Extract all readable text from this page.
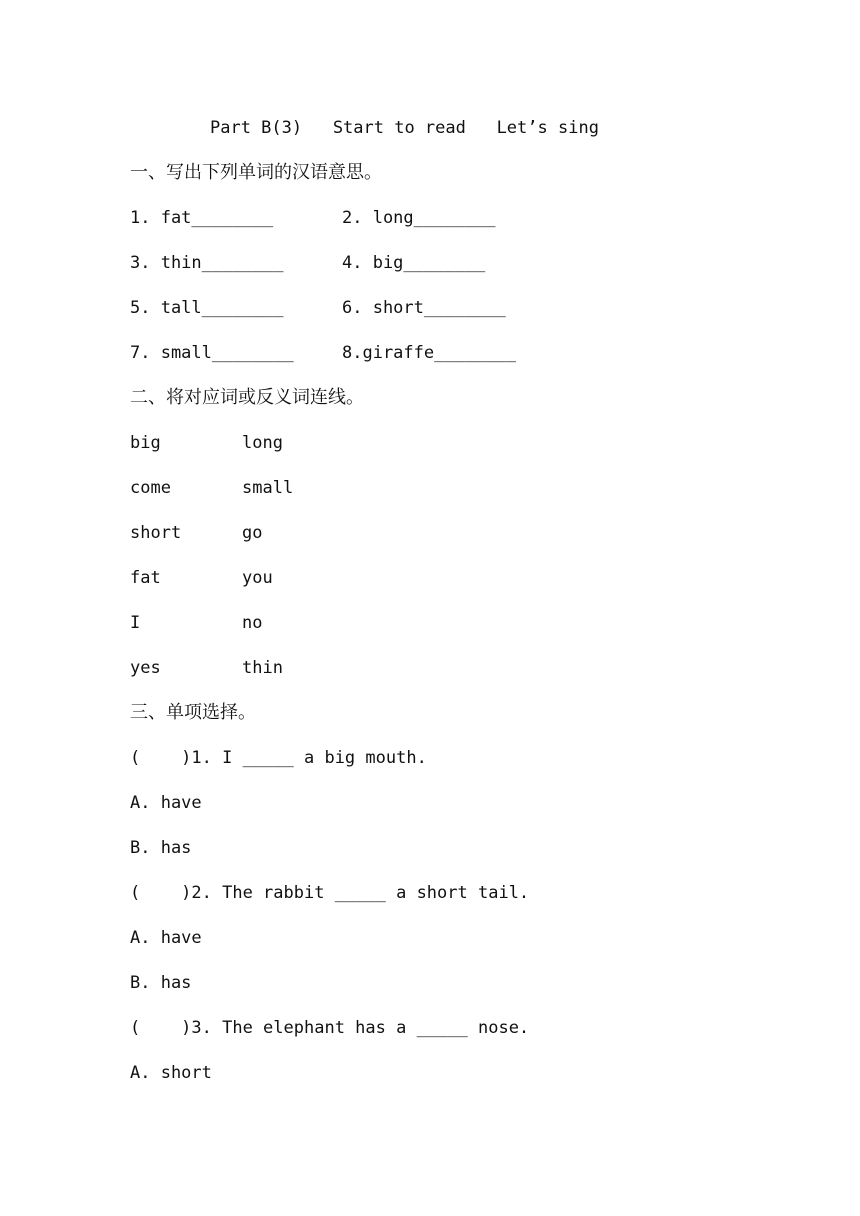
Part B(3)   Start to read   Let’s sing
一、写出下列单词的汉语意思。
1. fat________	2. long________
3. thin________	4. big________
5. tall________	6. short________
7. small________	8.giraffe________
二、将对应词或反义词连线。
big	long
come	small
short	go
fat	you
I	no
yes	thin
三、单项选择。
(    )1. I _____ a big mouth.
A. have
B. has
(    )2. The rabbit _____ a short tail.
A. have
B. has
(    )3. The elephant has a _____ nose.
A. short
